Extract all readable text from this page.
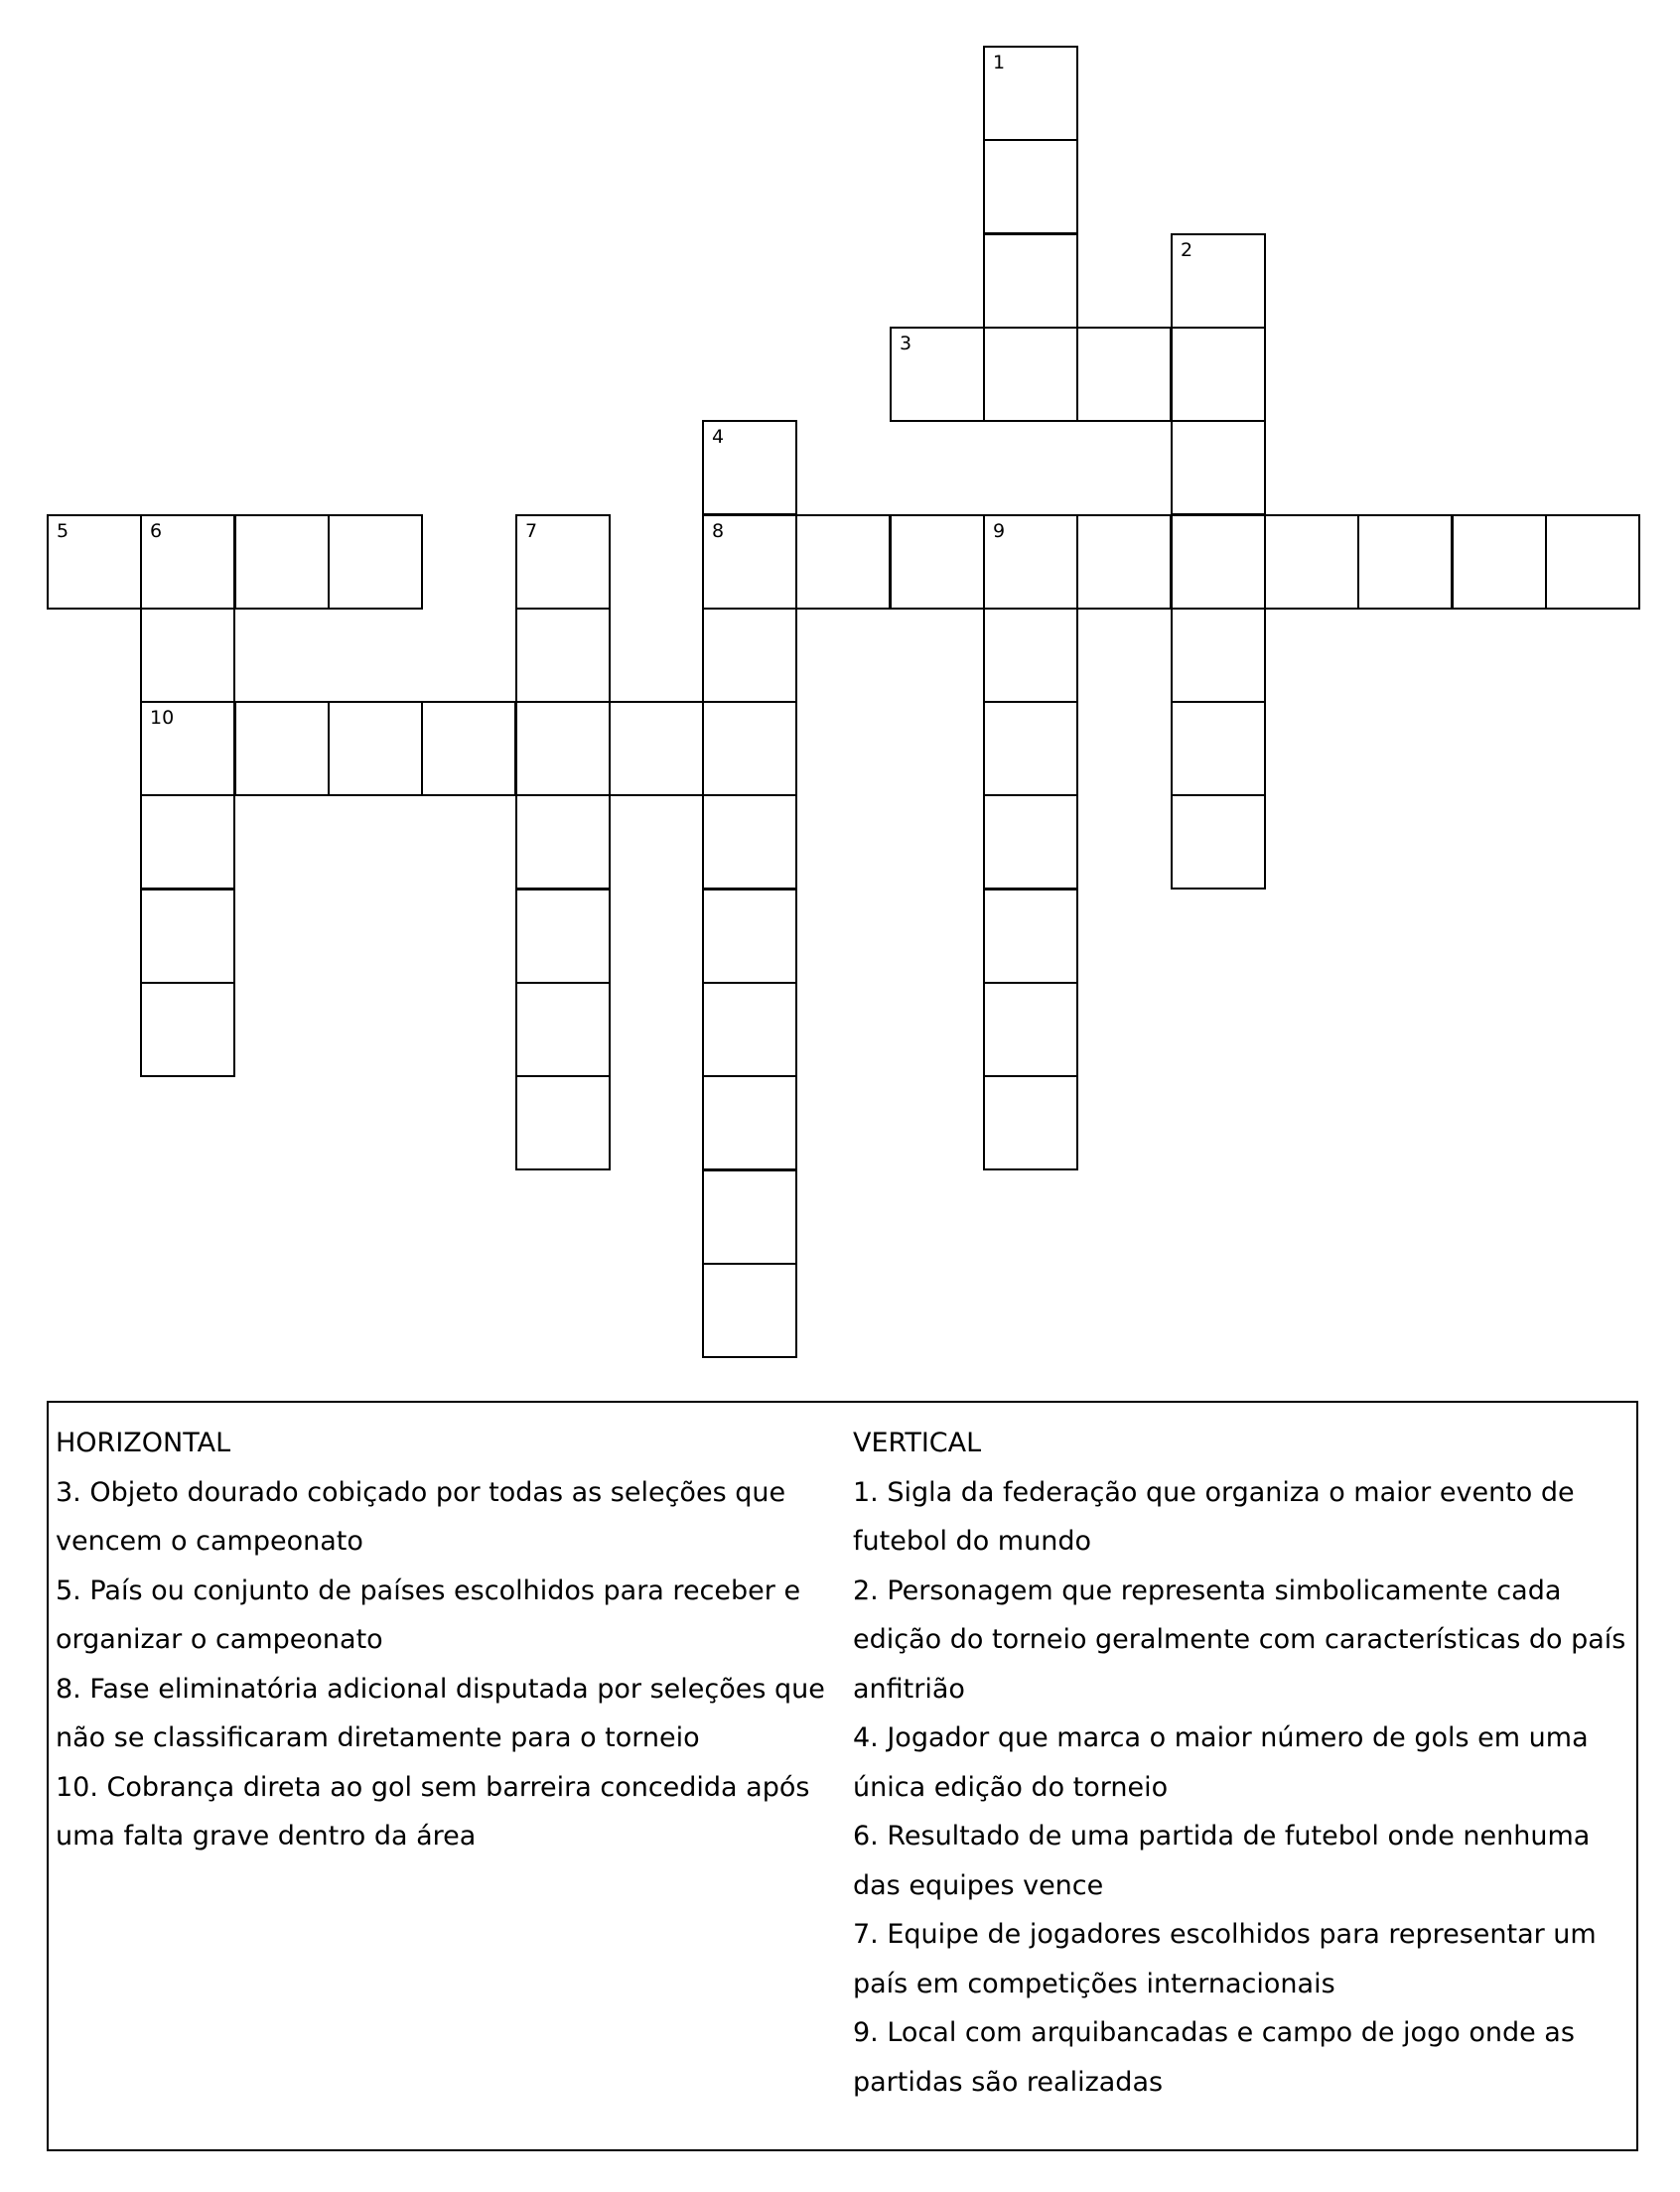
1
2
3
4
5	6	7	8	9
10
HORIZONTAL
3. Objeto dourado cobiçado por todas as seleções que vencem o campeonato
5. País ou conjunto de países escolhidos para receber e organizar o campeonato
8. Fase eliminatória adicional disputada por seleções que não se classificaram diretamente para o torneio
10. Cobrança direta ao gol sem barreira concedida após uma falta grave dentro da área
VERTICAL
1. Sigla da federação que organiza o maior evento de futebol do mundo
2. Personagem que representa simbolicamente cada edição do torneio geralmente com características do país anfitrião
4. Jogador que marca o maior número de gols em uma única edição do torneio
6. Resultado de uma partida de futebol onde nenhuma das equipes vence
7. Equipe de jogadores escolhidos para representar um país em competições internacionais
9. Local com arquibancadas e campo de jogo onde as partidas são realizadas
